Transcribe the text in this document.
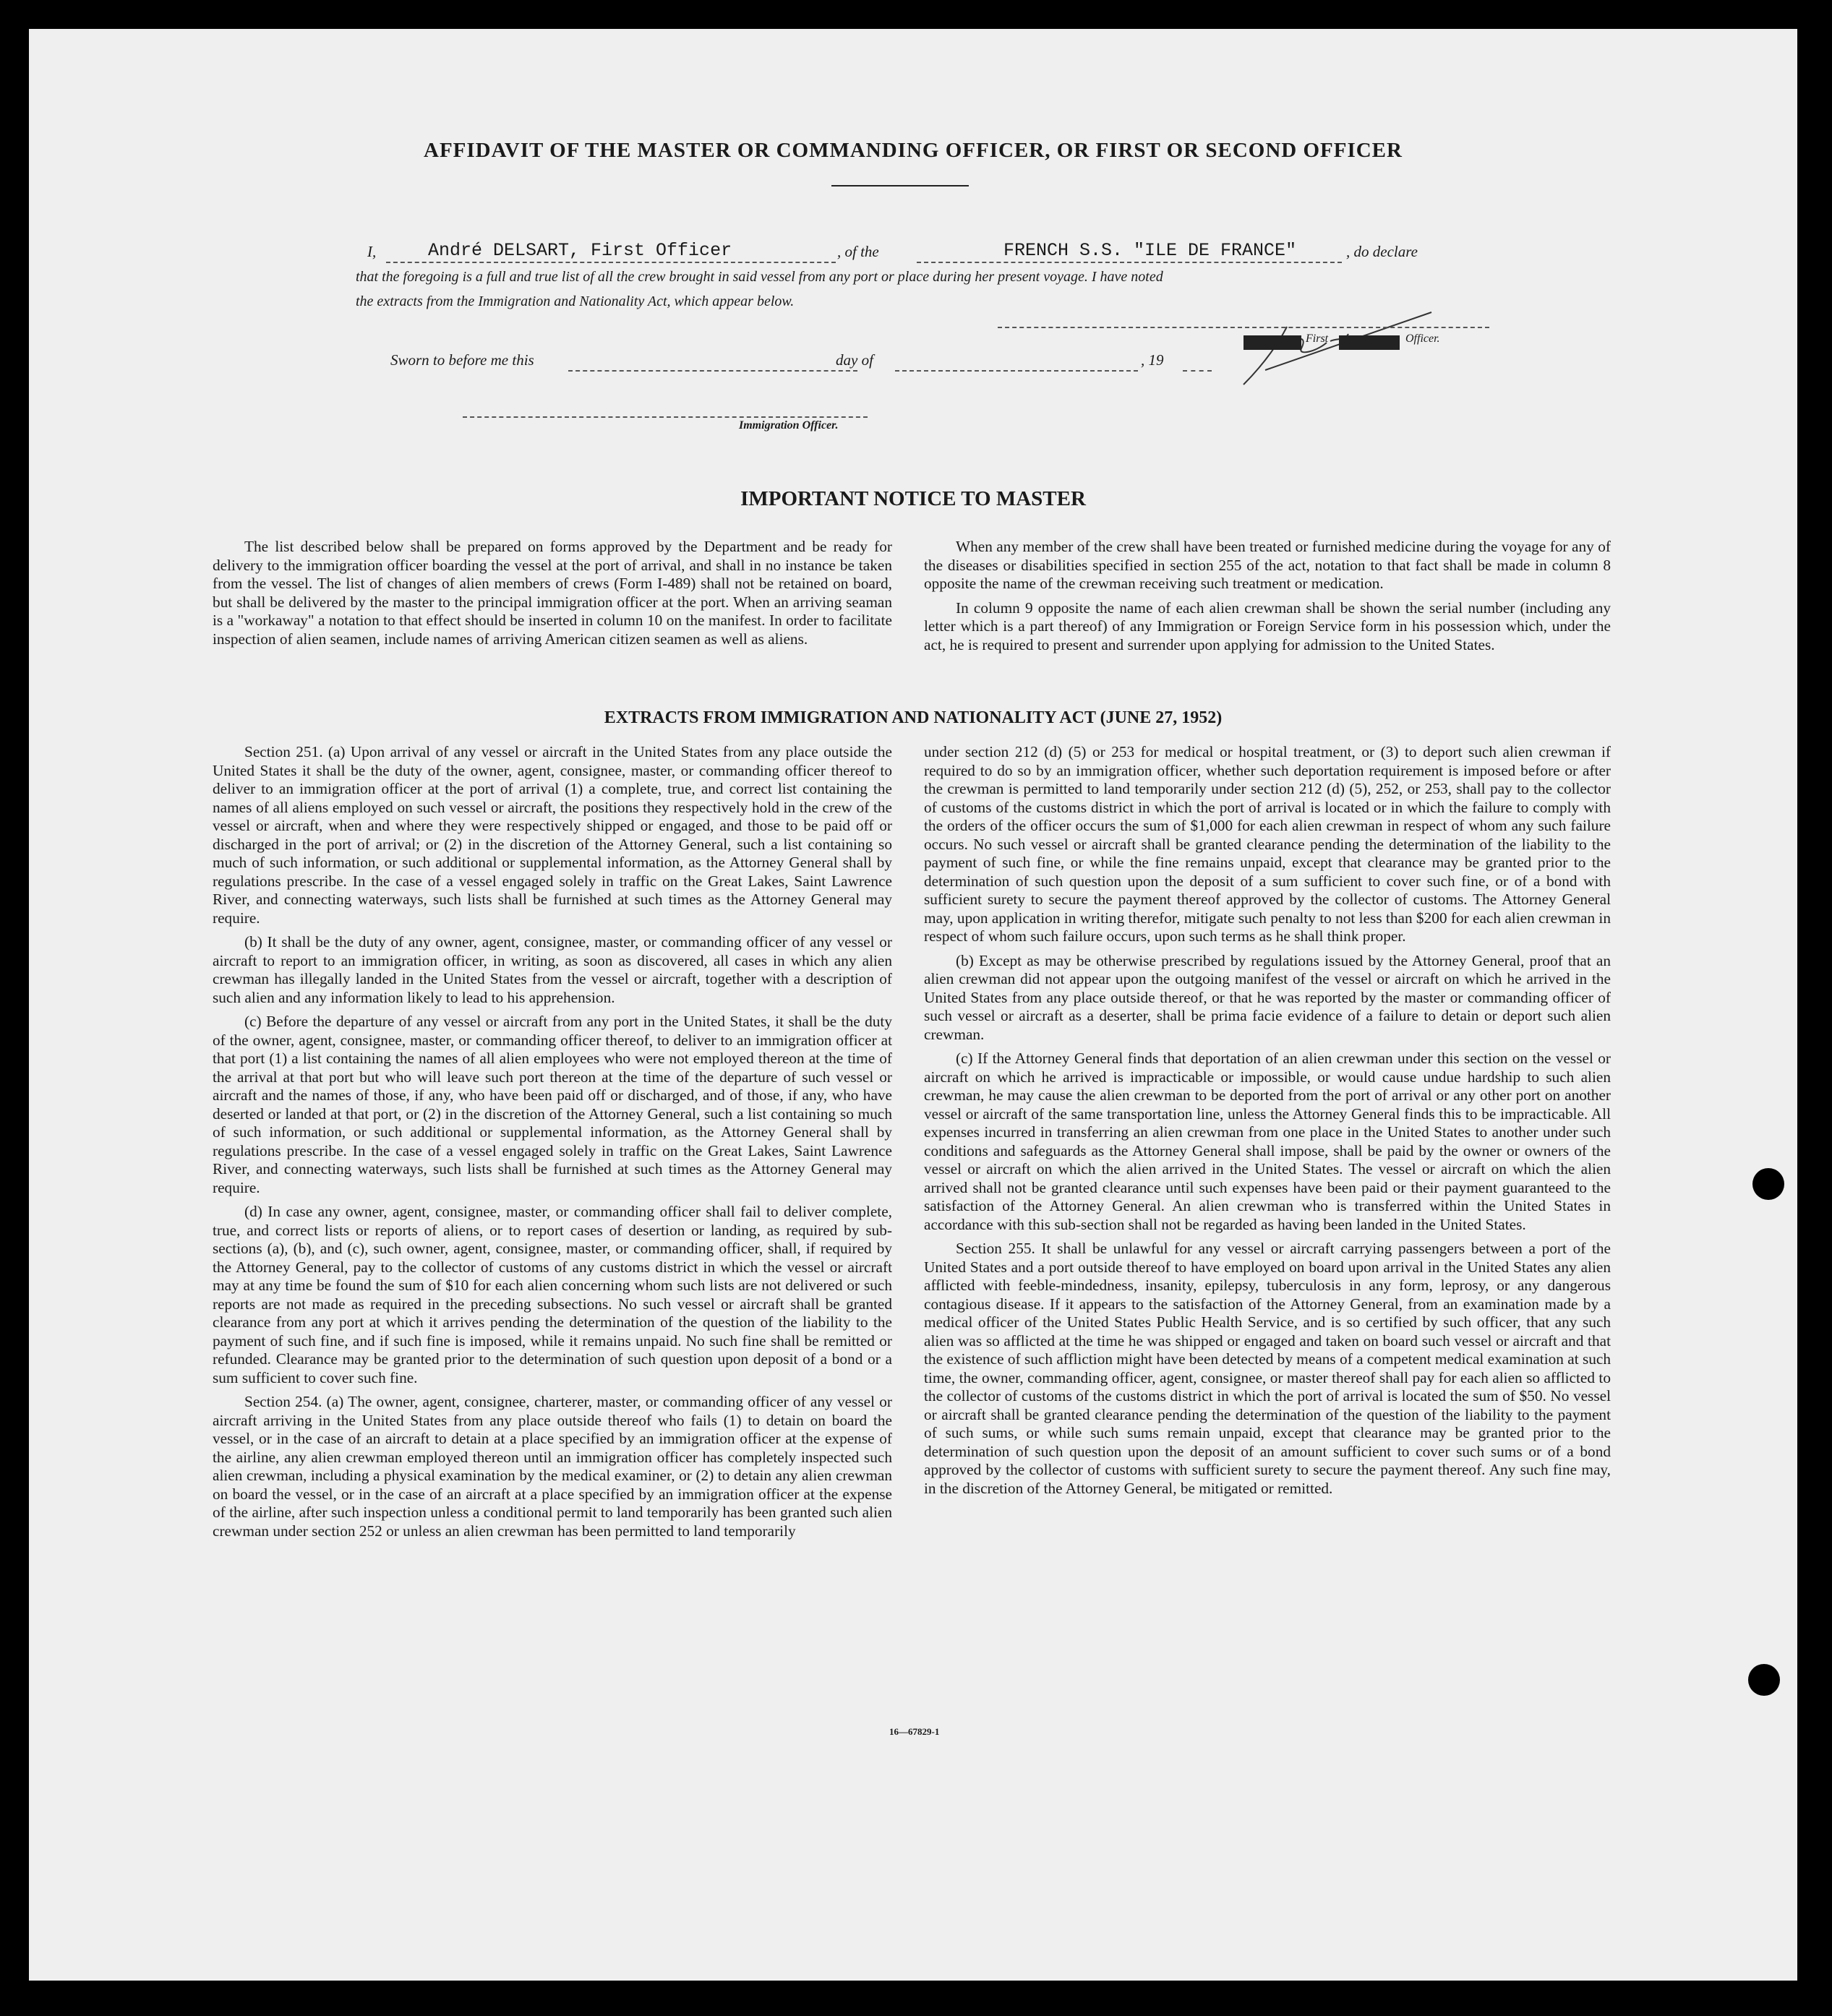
AFFIDAVIT OF THE MASTER OR COMMANDING OFFICER, OR FIRST OR SECOND OFFICER
I,	André DELSART, First Officer	, of the	FRENCH S.S. "ILE DE FRANCE"	, do declare
that the foregoing is a full and true list of all the crew brought in said vessel from any port or place during her present voyage. I have noted
the extracts from the Immigration and Nationality Act, which appear below.
First	Officer.
Sworn to before me this	day of	, 19
Immigration Officer.
IMPORTANT NOTICE TO MASTER

The list described below shall be prepared on forms approved by the Department and be ready for delivery to the immigration officer boarding the vessel at the port of arrival, and shall in no instance be taken from the vessel. The list of changes of alien members of crews (Form I-489) shall not be retained on board, but shall be delivered by the master to the principal immigration officer at the port. When an arriving seaman is a "workaway" a notation to that effect should be inserted in column 10 on the manifest. In order to facilitate inspection of alien seamen, include names of arriving American citizen seamen as well as aliens.

When any member of the crew shall have been treated or furnished medicine during the voyage for any of the diseases or disabilities specified in section 255 of the act, notation to that fact shall be made in column 8 opposite the name of the crewman receiving such treatment or medication.

In column 9 opposite the name of each alien crewman shall be shown the serial number (including any letter which is a part thereof) of any Immigration or Foreign Service form in his possession which, under the act, he is required to present and surrender upon applying for admission to the United States.

EXTRACTS FROM IMMIGRATION AND NATIONALITY ACT (JUNE 27, 1952)

Section 251. (a) Upon arrival of any vessel or aircraft in the United States from any place outside the United States it shall be the duty of the owner, agent, consignee, master, or commanding officer thereof to deliver to an immigration officer at the port of arrival (1) a complete, true, and correct list containing the names of all aliens employed on such vessel or aircraft, the positions they respectively hold in the crew of the vessel or aircraft, when and where they were respectively shipped or engaged, and those to be paid off or discharged in the port of arrival; or (2) in the discretion of the Attorney General, such a list containing so much of such information, or such additional or supplemental information, as the Attorney General shall by regulations prescribe. In the case of a vessel engaged solely in traffic on the Great Lakes, Saint Lawrence River, and connecting waterways, such lists shall be furnished at such times as the Attorney General may require.

(b) It shall be the duty of any owner, agent, consignee, master, or commanding officer of any vessel or aircraft to report to an immigration officer, in writing, as soon as discovered, all cases in which any alien crewman has illegally landed in the United States from the vessel or aircraft, together with a description of such alien and any information likely to lead to his apprehension.

(c) Before the departure of any vessel or aircraft from any port in the United States, it shall be the duty of the owner, agent, consignee, master, or commanding officer thereof, to deliver to an immigration officer at that port (1) a list containing the names of all alien employees who were not employed thereon at the time of the arrival at that port but who will leave such port thereon at the time of the departure of such vessel or aircraft and the names of those, if any, who have been paid off or discharged, and of those, if any, who have deserted or landed at that port, or (2) in the discretion of the Attorney General, such a list containing so much of such information, or such additional or supplemental information, as the Attorney General shall by regulations prescribe. In the case of a vessel engaged solely in traffic on the Great Lakes, Saint Lawrence River, and connecting waterways, such lists shall be furnished at such times as the Attorney General may require.

(d) In case any owner, agent, consignee, master, or commanding officer shall fail to deliver complete, true, and correct lists or reports of aliens, or to report cases of desertion or landing, as required by sub-sections (a), (b), and (c), such owner, agent, consignee, master, or commanding officer, shall, if required by the Attorney General, pay to the collector of customs of any customs district in which the vessel or aircraft may at any time be found the sum of $10 for each alien concerning whom such lists are not delivered or such reports are not made as required in the preceding subsections. No such vessel or aircraft shall be granted clearance from any port at which it arrives pending the determination of the question of the liability to the payment of such fine, and if such fine is imposed, while it remains unpaid. No such fine shall be remitted or refunded. Clearance may be granted prior to the determination of such question upon deposit of a bond or a sum sufficient to cover such fine.

Section 254. (a) The owner, agent, consignee, charterer, master, or commanding officer of any vessel or aircraft arriving in the United States from any place outside thereof who fails (1) to detain on board the vessel, or in the case of an aircraft to detain at a place specified by an immigration officer at the expense of the airline, any alien crewman employed thereon until an immigration officer has completely inspected such alien crewman, including a physical examination by the medical examiner, or (2) to detain any alien crewman on board the vessel, or in the case of an aircraft at a place specified by an immigration officer at the expense of the airline, after such inspection unless a conditional permit to land temporarily has been granted such alien crewman under section 252 or unless an alien crewman has been permitted to land temporarily

under section 212 (d) (5) or 253 for medical or hospital treatment, or (3) to deport such alien crewman if required to do so by an immigration officer, whether such deportation requirement is imposed before or after the crewman is permitted to land temporarily under section 212 (d) (5), 252, or 253, shall pay to the collector of customs of the customs district in which the port of arrival is located or in which the failure to comply with the orders of the officer occurs the sum of $1,000 for each alien crewman in respect of whom any such failure occurs. No such vessel or aircraft shall be granted clearance pending the determination of the liability to the payment of such fine, or while the fine remains unpaid, except that clearance may be granted prior to the determination of such question upon the deposit of a sum sufficient to cover such fine, or of a bond with sufficient surety to secure the payment thereof approved by the collector of customs. The Attorney General may, upon application in writing therefor, mitigate such penalty to not less than $200 for each alien crewman in respect of whom such failure occurs, upon such terms as he shall think proper.

(b) Except as may be otherwise prescribed by regulations issued by the Attorney General, proof that an alien crewman did not appear upon the outgoing manifest of the vessel or aircraft on which he arrived in the United States from any place outside thereof, or that he was reported by the master or commanding officer of such vessel or aircraft as a deserter, shall be prima facie evidence of a failure to detain or deport such alien crewman.

(c) If the Attorney General finds that deportation of an alien crewman under this section on the vessel or aircraft on which he arrived is impracticable or impossible, or would cause undue hardship to such alien crewman, he may cause the alien crewman to be deported from the port of arrival or any other port on another vessel or aircraft of the same transportation line, unless the Attorney General finds this to be impracticable. All expenses incurred in transferring an alien crewman from one place in the United States to another under such conditions and safeguards as the Attorney General shall impose, shall be paid by the owner or owners of the vessel or aircraft on which the alien arrived in the United States. The vessel or aircraft on which the alien arrived shall not be granted clearance until such expenses have been paid or their payment guaranteed to the satisfaction of the Attorney General. An alien crewman who is transferred within the United States in accordance with this sub-section shall not be regarded as having been landed in the United States.

Section 255. It shall be unlawful for any vessel or aircraft carrying passengers between a port of the United States and a port outside thereof to have employed on board upon arrival in the United States any alien afflicted with feeble-mindedness, insanity, epilepsy, tuberculosis in any form, leprosy, or any dangerous contagious disease. If it appears to the satisfaction of the Attorney General, from an examination made by a medical officer of the United States Public Health Service, and is so certified by such officer, that any such alien was so afflicted at the time he was shipped or engaged and taken on board such vessel or aircraft and that the existence of such affliction might have been detected by means of a competent medical examination at such time, the owner, commanding officer, agent, consignee, or master thereof shall pay for each alien so afflicted to the collector of customs of the customs district in which the port of arrival is located the sum of $50. No vessel or aircraft shall be granted clearance pending the determination of the question of the liability to the payment of such sums, or while such sums remain unpaid, except that clearance may be granted prior to the determination of such question upon the deposit of an amount sufficient to cover such sums or of a bond approved by the collector of customs with sufficient surety to secure the payment thereof. Any such fine may, in the discretion of the Attorney General, be mitigated or remitted.

16—67829-1
